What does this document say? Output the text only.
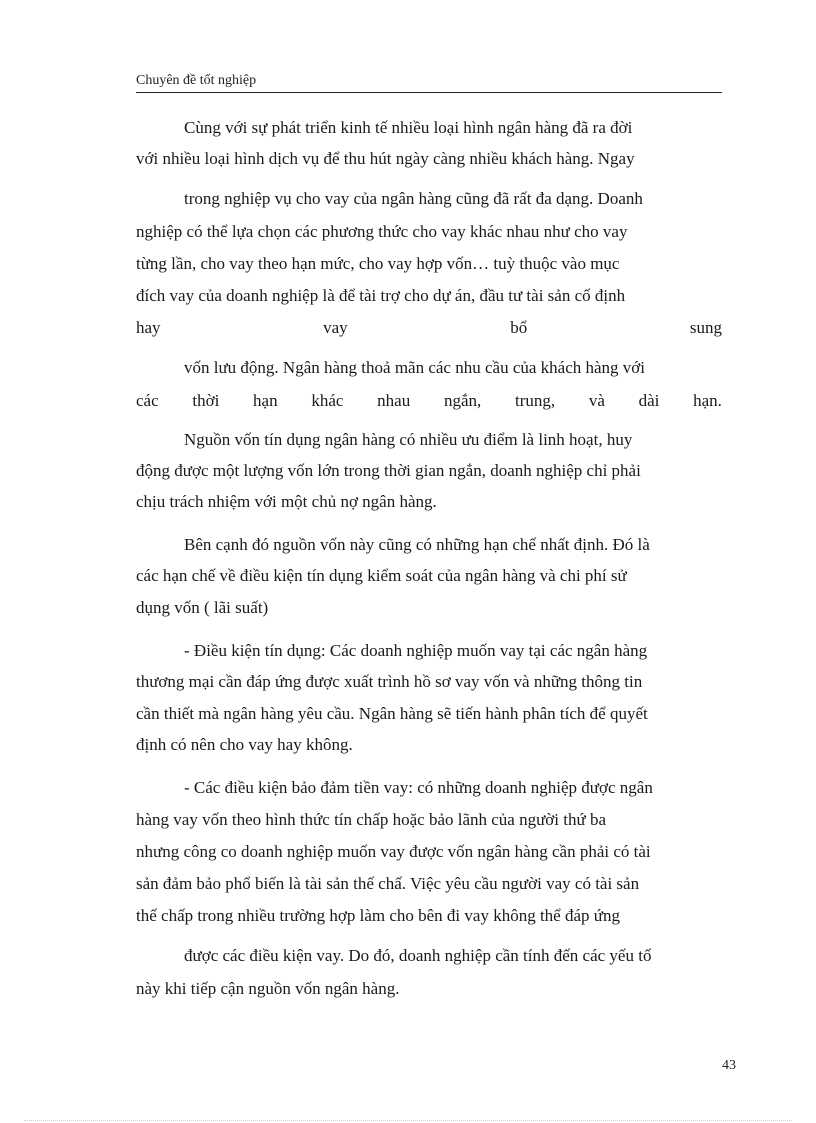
Chuyên đề tốt nghiệp
Cùng với sự phát triển kinh tế nhiều loại hình ngân hàng đã ra đời
với nhiều loại hình dịch vụ để thu hút ngày càng nhiều khách hàng. Ngay
trong nghiệp vụ cho vay của ngân hàng cũng đã rất đa dạng. Doanh
nghiệp có thể lựa chọn các phương thức cho vay khác nhau như cho vay
từng lần, cho vay theo hạn mức, cho vay hợp vốn… tuỳ thuộc vào mục
đích vay của doanh nghiệp là để tài trợ cho dự án, đầu tư tài sản cố định
hay	vay	bổ	sung
vốn lưu động. Ngân hàng thoả mãn các nhu cầu của khách hàng với
các thời hạn khác nhau ngắn, trung, và dài hạn.
Nguồn vốn tín dụng ngân hàng có nhiều ưu điểm là linh hoạt, huy
động được một lượng vốn lớn trong thời gian ngắn, doanh nghiệp chỉ phải
chịu trách nhiệm với một chủ nợ ngân hàng.
Bên cạnh đó nguồn vốn này cũng có những hạn chế nhất định. Đó là
các hạn chế về điều kiện tín dụng kiểm soát của ngân hàng và chi phí sử
dụng vốn ( lãi suất)
- Điều kiện tín dụng: Các doanh nghiệp muốn vay tại các ngân hàng
thương mại cần đáp ứng được xuất trình hồ sơ vay vốn và những thông tin
cần thiết mà ngân hàng yêu cầu. Ngân hàng sẽ tiến hành phân tích để quyết
định có nên cho vay hay không.
- Các điều kiện bảo đảm tiền vay: có những doanh nghiệp được ngân
hàng vay vốn theo hình thức tín chấp hoặc bảo lãnh của người thứ ba
nhưng công co doanh nghiệp muốn vay được vốn ngân hàng cần phải có tài
sản đảm bảo phổ biến là tài sản thế chấ. Việc yêu cầu người vay có tài sản
thế chấp trong nhiều trường hợp làm cho bên đi vay không thể đáp ứng
được các điều kiện vay. Do đó, doanh nghiệp cần tính đến các yếu tố
này khi tiếp cận nguồn vốn ngân hàng.
43
